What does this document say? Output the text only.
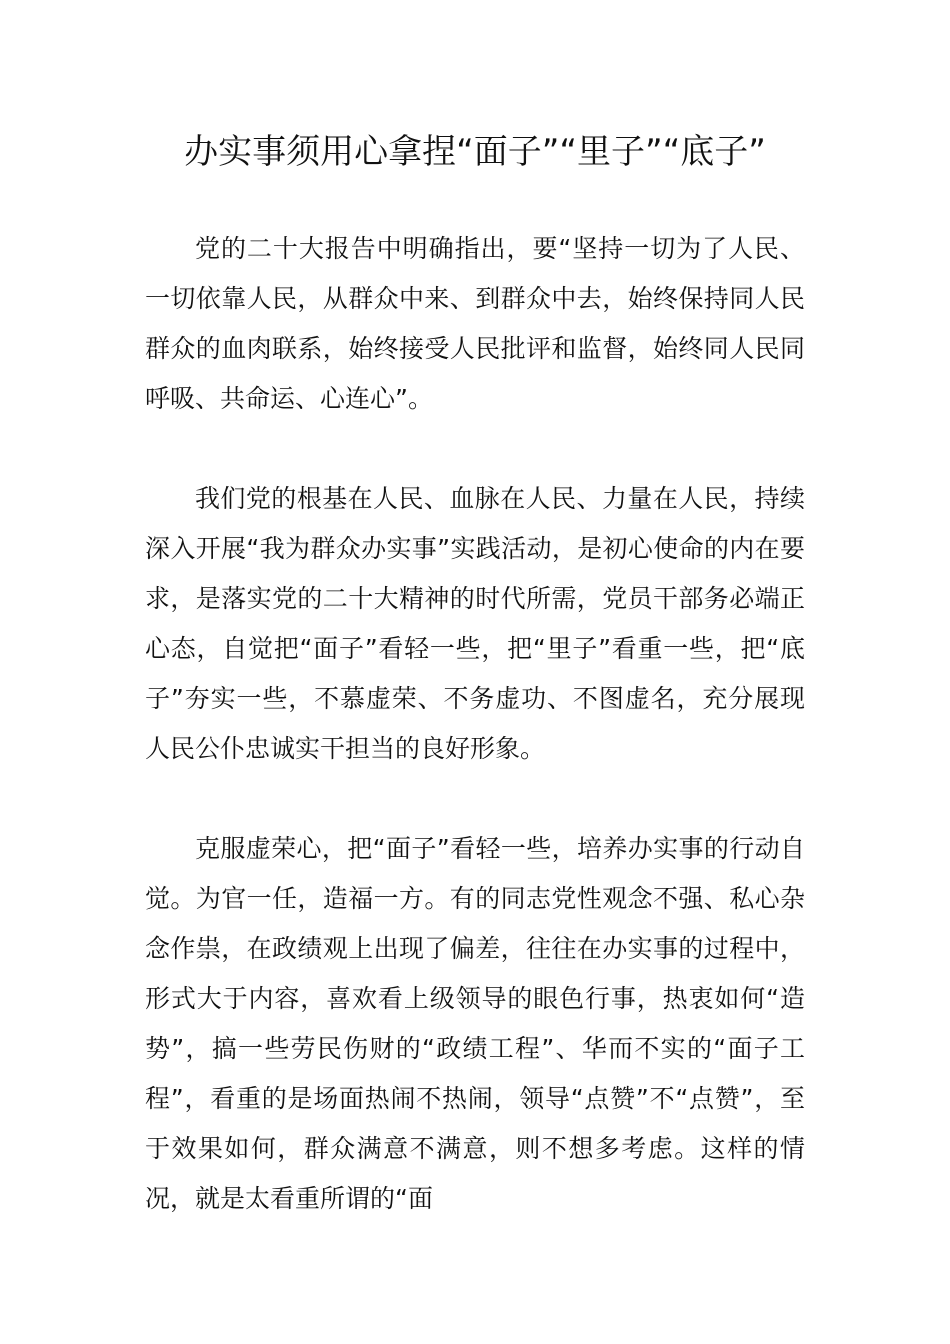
办实事须用心拿捏“面子”“里子”“底子”

党的二十大报告中明确指出，要“坚持一切为了人民、一切依靠人民，从群众中来、到群众中去，始终保持同人民群众的血肉联系，始终接受人民批评和监督，始终同人民同呼吸、共命运、心连心”。

我们党的根基在人民、血脉在人民、力量在人民，持续深入开展“我为群众办实事”实践活动，是初心使命的内在要求，是落实党的二十大精神的时代所需，党员干部务必端正心态，自觉把“面子”看轻一些，把“里子”看重一些，把“底子”夯实一些，不慕虚荣、不务虚功、不图虚名，充分展现人民公仆忠诚实干担当的良好形象。

克服虚荣心，把“面子”看轻一些，培养办实事的行动自觉。为官一任，造福一方。有的同志党性观念不强、私心杂念作祟，在政绩观上出现了偏差，往往在办实事的过程中，形式大于内容，喜欢看上级领导的眼色行事，热衷如何“造势”，搞一些劳民伤财的“政绩工程”、华而不实的“面子工程”，看重的是场面热闹不热闹，领导“点赞”不“点赞”，至于效果如何，群众满意不满意，则不想多考虑。这样的情况，就是太看重所谓的“面
